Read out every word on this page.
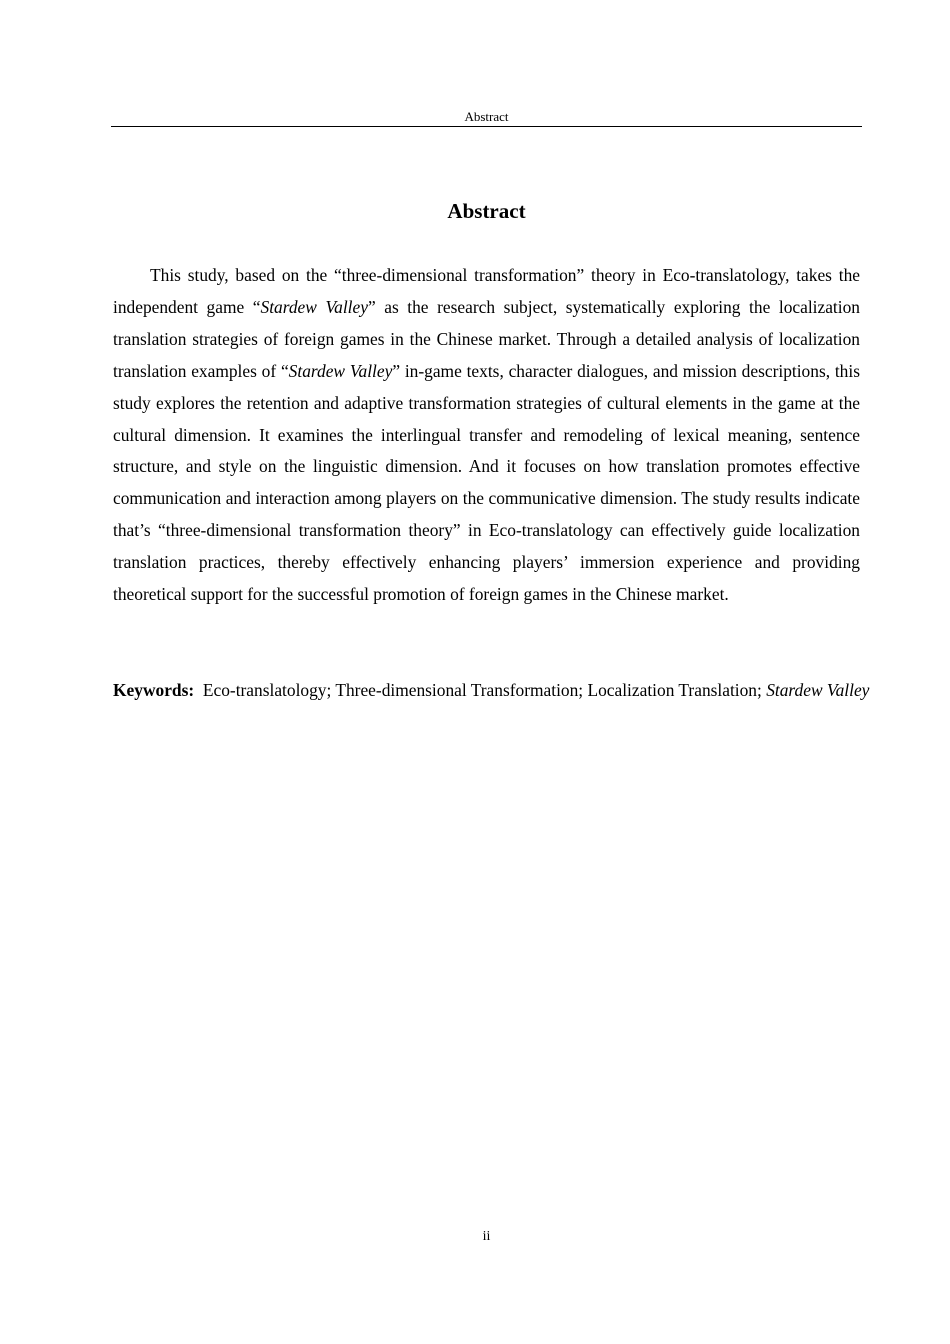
Abstract
Abstract

This study, based on the “three-dimensional transformation” theory in Eco-translatology, takes the independent game “Stardew Valley” as the research subject, systematically exploring the localization translation strategies of foreign games in the Chinese market. Through a detailed analysis of localization translation examples of “Stardew Valley” in-game texts, character dialogues, and mission descriptions, this study explores the retention and adaptive transformation strategies of cultural elements in the game at the cultural dimension. It examines the interlingual transfer and remodeling of lexical meaning, sentence structure, and style on the linguistic dimension. And it focuses on how translation promotes effective communication and interaction among players on the communicative dimension. The study results indicate that’s “three-dimensional transformation theory” in Eco-translatology can effectively guide localization translation practices, thereby effectively enhancing players’ immersion experience and providing theoretical support for the successful promotion of foreign games in the Chinese market.

Keywords: Eco-translatology; Three-dimensional Transformation; Localization Translation; Stardew Valley
ii
